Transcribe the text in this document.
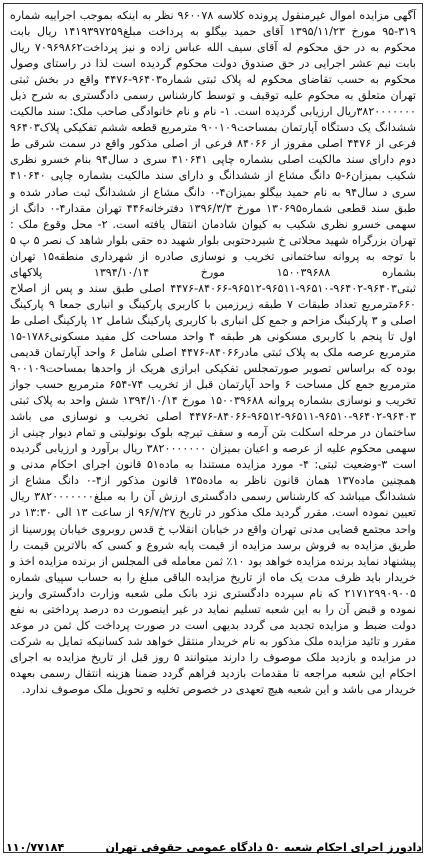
آگهی مزایده اموال غیرمنقول پرونده کلاسه ۹۶۰۰۷۸ نظر به اینکه بموجب اجراییه شماره ۳۱۹-۹۵ مورخ ۱۳۹۵/۱۱/۲۳ آقای حمید بیگلو به پرداخت مبلغ۱۴۱۹۳۹۷۲۵۹ ریال بابت محکوم به در حق محکوم له آقای سیف الله عباس زاده و نیز پرداخت۷۰۹۶۹۸۶۲ ریال بابت نیم عشر اجرایی در حق صندوق دولت محکوم گردیده است لذا در راستای وصول محکوم به حسب تقاضای محکوم له پلاک ثبتی شماره۹۶۴۰۳-۴۴۷۶ واقع در بخش ثبتی تهران متعلق به محکوم علیه توقیف و توسط کارشناس رسمی دادگستری به شرح ذیل ۳۸۲۰۰۰۰۰۰۰ریال ارزیابی گردیده است. ۱- نام و نام خانوادگی صاحب ملک: سند مالکیت ششدانگ یک دستگاه آپارتمان بمساحت۹۰۰۱۰۹ مترمربع قطعه ششم تفکیکی پلاک۹۶۴۰۳ فرعی از ۴۴۷۶ اصلی مفروز از ۸۴۰۶۶ فرعی از اصلی مذکور واقع در سمت شرقی ط دوم دارای سند مالکیت اصلی بشماره چاپی ۴۱۰۶۴۱ سری د سال۹۴ بنام خسرو نظری شکیب بمیزان۶-۵ دانگ مشاع از ششدانگ و دارای سند مالکیت بشماره چاپی ۴۱۰۶۴۰ سری د سال۹۴ به نام حمید بیگلو بمیزان۴-۰ دانگ مشاع از ششدانگ ثبت صادر شده و طبق سند قطعی شماره۱۳۰۶۹۵ مورخ ۱۳۹۶/۳/۳ دفترخانه۴۴۶ تهران مقدار۴-۰ دانگ از سهمی خسرو نظری شکیب به کیوان شادمان انتقال یافته است. ۲- محل وقوع ملک : تهران بزرگراه شهید محلاتی خ شیردحتوبی بلوار شهید ده حقی بلوار شاهد ک نصر ۵ پ ۵ با توجه به پروانه ساختمانی تخریب و نوسازی صادره از شهرداری منطقه۱۵ تهران بشماره ۱۵۰۰۳۹۶۸۸ مورخ ۱۳۹۴/۱۰/۱۴ پلاکهای ثبتی۹۶۴۰۳-۹۶۴۰۲-۹۶۵۱۰-۹۶۵۱۱-۹۶۵۱۲-۸۴۰۶۶-۴۴۷۶ اصلی طبق سند و پس از اصلاح ۶۶۰مترمربع تعداد طبقات ۷ طبقه زیرزمین با کاربری پارکینگ و انباری جمعا ۹ پارکینگ اصلی و ۳ پارکینگ مزاحم و جمع کل انباری با کاربری پارکینگ شامل ۱۲ پارکینگ اصلی ط اول تا پنجم با کاربری مسکونی هر طبقه ۴ واحد مساحت کل مفید مسکونی۱۷۸۶-۱۵ مترمربع عرصه ملک به پلاک ثبتی مادر۸۴۰۶۶-۴۴۷۶ اصلی شامل ۶ واحد آپارتمان قدیمی بوده که براساس تصویر صورتمجلس تفکیکی ابرازی هریک از واحدها بمساحت۹۰۰۱۰۹ مترمربع جمع کل مساحت ۶ واحد آپارتمان قبل از تخریب ۷۴-۶۵۴ مترمربع حسب جواز تخریب و نوسازی بشماره پروانه ۱۵۰۰۳۹۶۸۸ مورخ ۱۳۹۴/۱۰/۱۴ شش واحد به پلاک ثبتی ۹۶۴۰۳-۹۶۴۰۲-۹۶۵۱۰-۹۶۵۱۱-۹۶۵۱۲-۸۴۰۶۶-۴۴۷۶ اصلی تخریب و نوسازی می باشد ساختمان در مرحله اسکلت بتن آرمه و سقف تیرچه بلوک بونولیتی و تمام دیوار چینی از سهمی محکوم علیه از عرصه و اعیان بمیزان ۳۸۲۰۰۰۰۰۰۰ ریال برآورد و ارزیابی گردیده است ۳-وضعیت ثبتی: ۴- مورد مزایده مستندا به ماده۵۱ قانون اجرای احکام مدنی و همچنین ماده۱۳۷ همان قانون ناظر به ماده۱۳۵ قانون مذکور از۴-۰ دانگ مشاع از ششدانگ میباشد که کارشناس رسمی دادگستری ارزش آن را به مبلغ۳۸۲۰۰۰۰۰۰۰ ریال تعیین نموده است. مقرر گردید ملک مذکور در تاریخ ۹۶/۷/۲۷ از ساعت ۱۳ الی ۱۳:۳۰ در واحد مجتمع قضایی مدنی تهران واقع در خیابان انقلاب خ قدس روبروی خیابان پورسینا از طریق مزایده به فروش برسد مزایده از قیمت پایه شروع و کسی که بالاترین قیمت را پیشنهاد نماید برنده مزایده خواهد بود ۱۰٪ ثمن معامله فی المجلس از برنده مزایده اخذ و خریدار باید ظرف مدت یک ماه از تاریخ مزایده الباقی مبلغ را به حساب سپیای شماره ۲۱۷۱۲۹۹۰۹۰۰۵ که نام سپرده دادگستری نزد بانک ملی شعبه وزارت دادگستری واریز نموده و قبض آن را به این شعبه تسلیم نماید در غیر اینصورت ده درصد پرداختی به نفع دولت ضبط و مزایده تجدید می گردد بدیهی است در صورت پرداخت کل ثمن در موعد مقرر و تائید مزایده ملک مذکور به نام خریدار منتقل خواهد شد کسانیکه تمایل به شرکت در مزایده و بازدید ملک موصوف را دارند میتوانند ۵ روز قبل از تاریخ مزایده به اجرای احکام این شعبه مراجعه تا مقدمات بازدید فراهم گردد ضمنا هزینه انتقال رسمی بعهده خریدار می باشد و این شعبه هیچ تعهدی در خصوص تخلیه و تحویل ملک موصوف ندارد.

دادورز اجرای احکام شعبه ۵۰ دادگاه عمومی حقوقی تهران
۱۱۰/۷۷۱۸۴
